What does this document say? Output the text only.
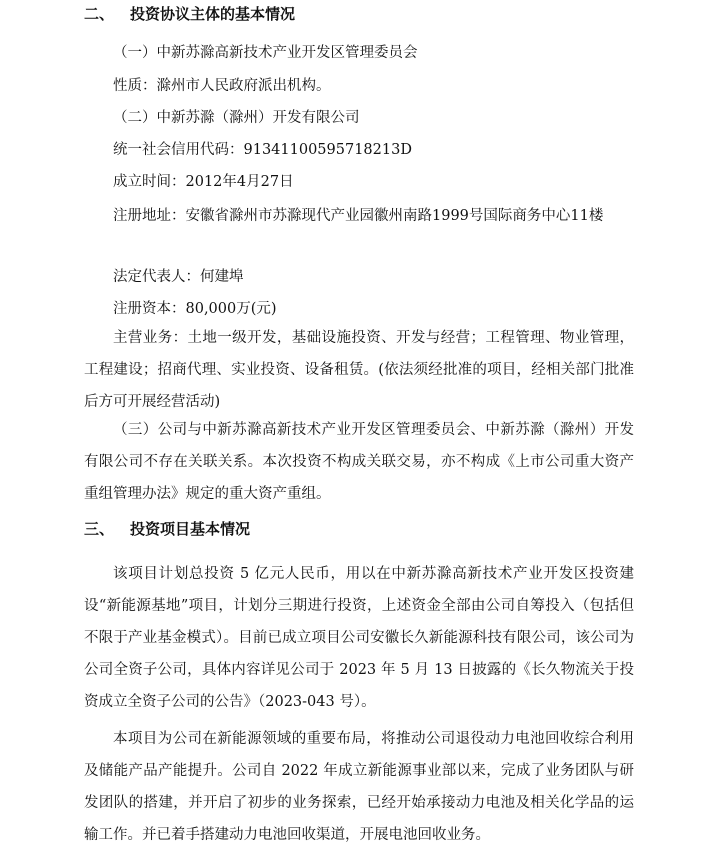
二、 投资协议主体的基本情况
（一）中新苏滁高新技术产业开发区管理委员会
性质：滁州市人民政府派出机构。
（二）中新苏滁（滁州）开发有限公司
统一社会信用代码：91341100595718213D
成立时间：2012年4月27日

注册地址：安徽省滁州市苏滁现代产业园徽州南路1999号国际商务中心11楼

法定代表人：何建埠
注册资本：80,000万(元)

主营业务：土地一级开发，基础设施投资、开发与经营；工程管理、物业管理，工程建设；招商代理、实业投资、设备租赁。(依法须经批准的项目，经相关部门批准后方可开展经营活动)

（三）公司与中新苏滁高新技术产业开发区管理委员会、中新苏滁（滁州）开发有限公司不存在关联关系。本次投资不构成关联交易，亦不构成《上市公司重大资产重组管理办法》规定的重大资产重组。

三、 投资项目基本情况

该项目计划总投资 5 亿元人民币，用以在中新苏滁高新技术产业开发区投资建设“新能源基地”项目，计划分三期进行投资，上述资金全部由公司自筹投入（包括但不限于产业基金模式）。目前已成立项目公司安徽长久新能源科技有限公司，该公司为公司全资子公司，具体内容详见公司于 2023 年 5 月 13 日披露的《长久物流关于投资成立全资子公司的公告》（2023-043 号）。

本项目为公司在新能源领域的重要布局，将推动公司退役动力电池回收综合利用及储能产品产能提升。公司自 2022 年成立新能源事业部以来，完成了业务团队与研发团队的搭建，并开启了初步的业务探索，已经开始承接动力电池及相关化学品的运输工作。并已着手搭建动力电池回收渠道，开展电池回收业务。
